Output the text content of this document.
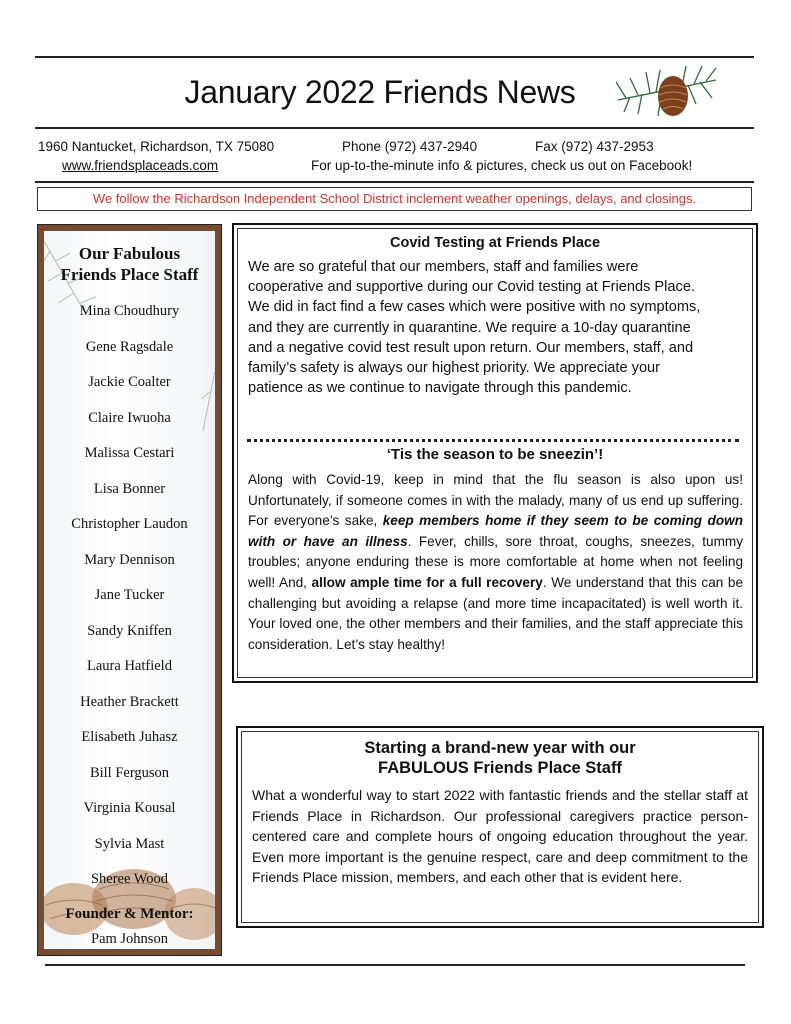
January 2022 Friends News
1960 Nantucket, Richardson, TX 75080	Phone (972) 437-2940	Fax (972) 437-2953
www.friendsplaceads.com	For up-to-the-minute info & pictures, check us out on Facebook!
We follow the Richardson Independent School District inclement weather openings, delays, and closings.
Our Fabulous
Friends Place Staff
Mina Choudhury
Gene Ragsdale
Jackie Coalter
Claire Iwuoha
Malissa Cestari
Lisa Bonner
Christopher Laudon
Mary Dennison
Jane Tucker
Sandy Kniffen
Laura Hatfield
Heather Brackett
Elisabeth Juhasz
Bill Ferguson
Virginia Kousal
Sylvia Mast
Sheree Wood
Founder & Mentor:
Pam Johnson
Covid Testing at Friends Place
We are so grateful that our members, staff and families were
cooperative and supportive during our Covid testing at Friends Place.
We did in fact find a few cases which were positive with no symptoms,
and they are currently in quarantine. We require a 10-day quarantine
and a negative covid test result upon return. Our members, staff, and
family’s safety is always our highest priority. We appreciate your
patience as we continue to navigate through this pandemic.
‘Tis the season to be sneezin’!
Along with Covid-19, keep in mind that the flu season is also upon us! Unfortunately, if someone comes in with the malady, many of us end up suffering. For everyone’s sake, keep members home if they seem to be coming down with or have an illness. Fever, chills, sore throat, coughs, sneezes, tummy troubles; anyone enduring these is more comfortable at home when not feeling well! And, allow ample time for a full recovery. We understand that this can be challenging but avoiding a relapse (and more time incapacitated) is well worth it. Your loved one, the other members and their families, and the staff appreciate this consideration. Let’s stay healthy!
Starting a brand-new year with our
FABULOUS Friends Place Staff
What a wonderful way to start 2022 with fantastic friends and the stellar staff at Friends Place in Richardson. Our professional caregivers practice person-centered care and complete hours of ongoing education throughout the year. Even more important is the genuine respect, care and deep commitment to the Friends Place mission, members, and each other that is evident here.
